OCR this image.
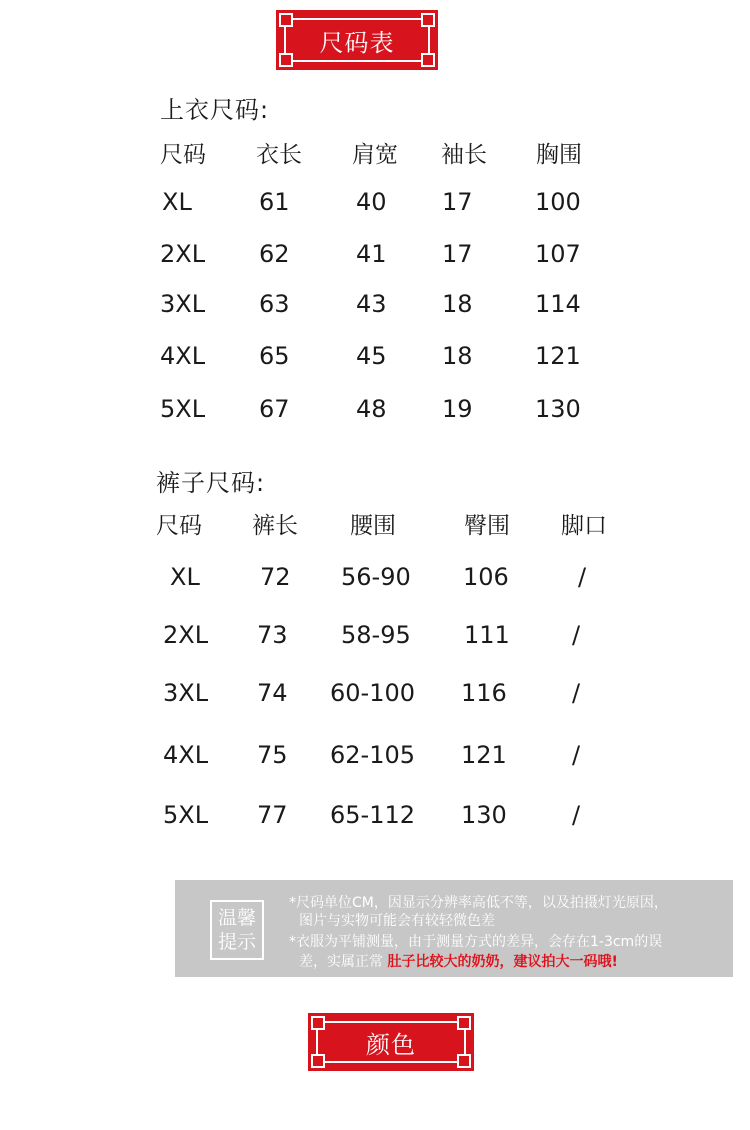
尺码表
上衣尺码:
尺码 衣长 肩宽 袖长 胸围
XL	61	40 17	100
2XL 62	41 17	107
3XL 63	43 18	114
4XL 65	45 18	121
5XL 67	48 19	130
裤子尺码:
尺码 裤长 腰围	臀围 脚口
XL	72 56-90 106	/
2XL 73 58-95 111	/
3XL 74 60-100 116	/
4XL 75 62-105 121	/
5XL 77 65-112 130	/
温馨
提示
*尺码单位CM，因显示分辨率高低不等，以及拍摄灯光原因，
图片与实物可能会有较轻微色差
*衣服为平铺测量，由于测量方式的差异，会存在1-3cm的误
差，实属正常 肚子比较大的奶奶，建议拍大一码哦!
颜色
